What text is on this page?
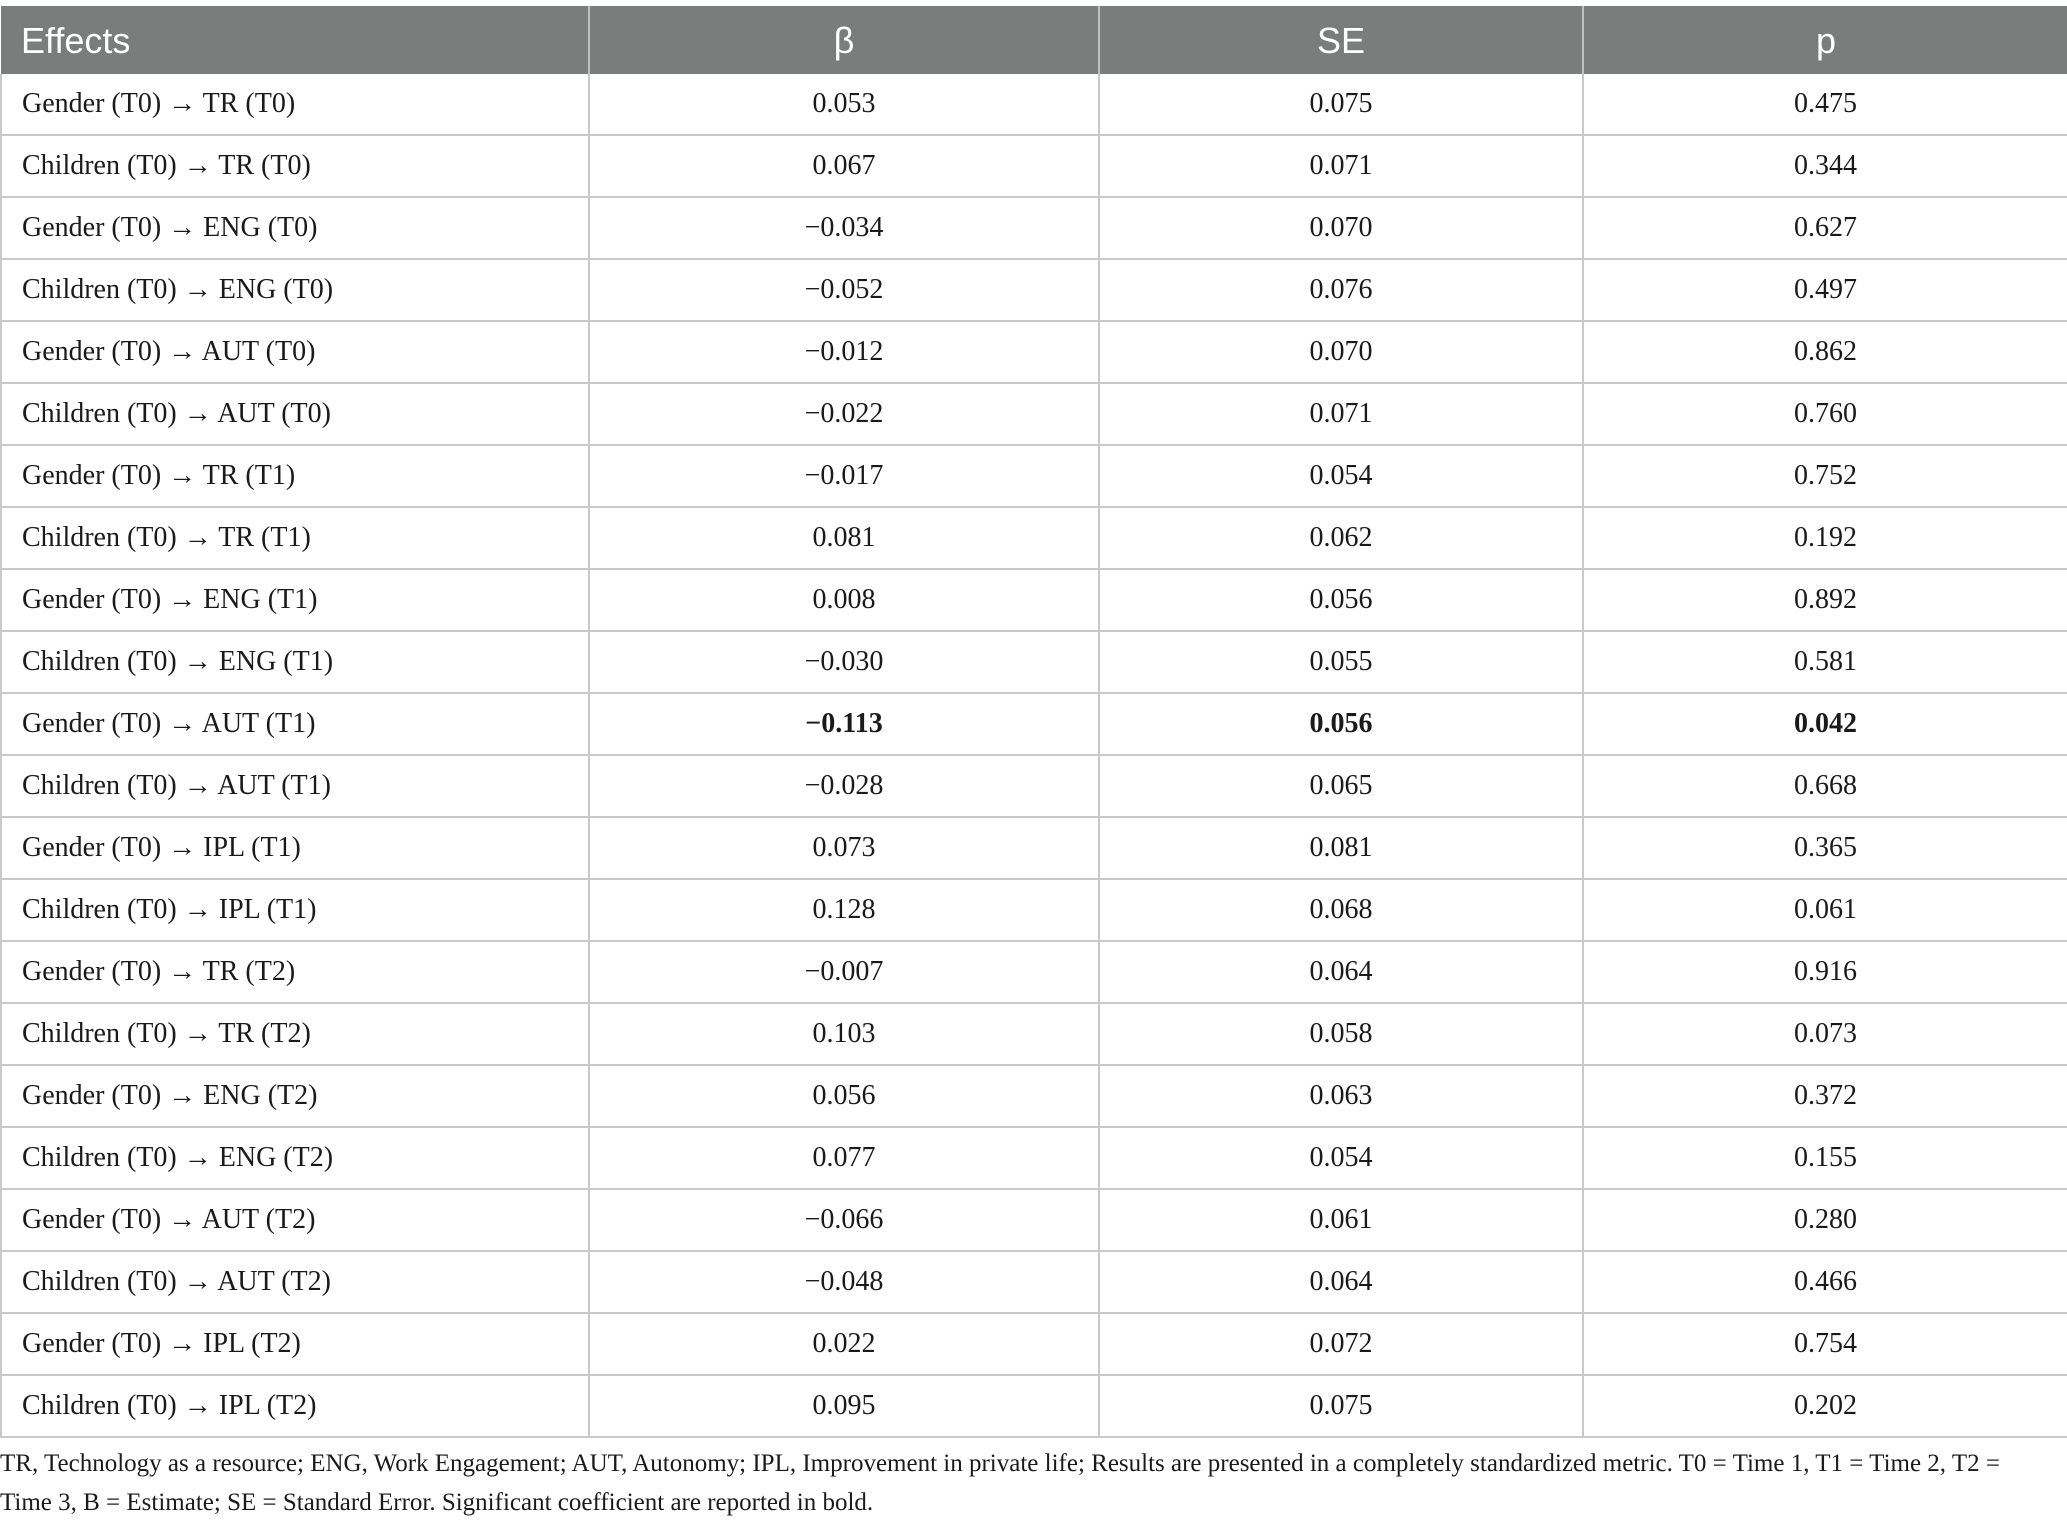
Effects	β	SE	p
Gender (T0) → TR (T0)	0.053	0.075	0.475
Children (T0) → TR (T0)	0.067	0.071	0.344
Gender (T0) → ENG (T0)	−0.034	0.070	0.627
Children (T0) → ENG (T0)	−0.052	0.076	0.497
Gender (T0) → AUT (T0)	−0.012	0.070	0.862
Children (T0) → AUT (T0)	−0.022	0.071	0.760
Gender (T0) → TR (T1)	−0.017	0.054	0.752
Children (T0) → TR (T1)	0.081	0.062	0.192
Gender (T0) → ENG (T1)	0.008	0.056	0.892
Children (T0) → ENG (T1)	−0.030	0.055	0.581
Gender (T0) → AUT (T1)	−0.113	0.056	0.042
Children (T0) → AUT (T1)	−0.028	0.065	0.668
Gender (T0) → IPL (T1)	0.073	0.081	0.365
Children (T0) → IPL (T1)	0.128	0.068	0.061
Gender (T0) → TR (T2)	−0.007	0.064	0.916
Children (T0) → TR (T2)	0.103	0.058	0.073
Gender (T0) → ENG (T2)	0.056	0.063	0.372
Children (T0) → ENG (T2)	0.077	0.054	0.155
Gender (T0) → AUT (T2)	−0.066	0.061	0.280
Children (T0) → AUT (T2)	−0.048	0.064	0.466
Gender (T0) → IPL (T2)	0.022	0.072	0.754
Children (T0) → IPL (T2)	0.095	0.075	0.202
TR, Technology as a resource; ENG, Work Engagement; AUT, Autonomy; IPL, Improvement in private life; Results are presented in a completely standardized metric. T0 = Time 1, T1 = Time 2, T2 = Time 3, B = Estimate; SE = Standard Error. Significant coefficient are reported in bold.
